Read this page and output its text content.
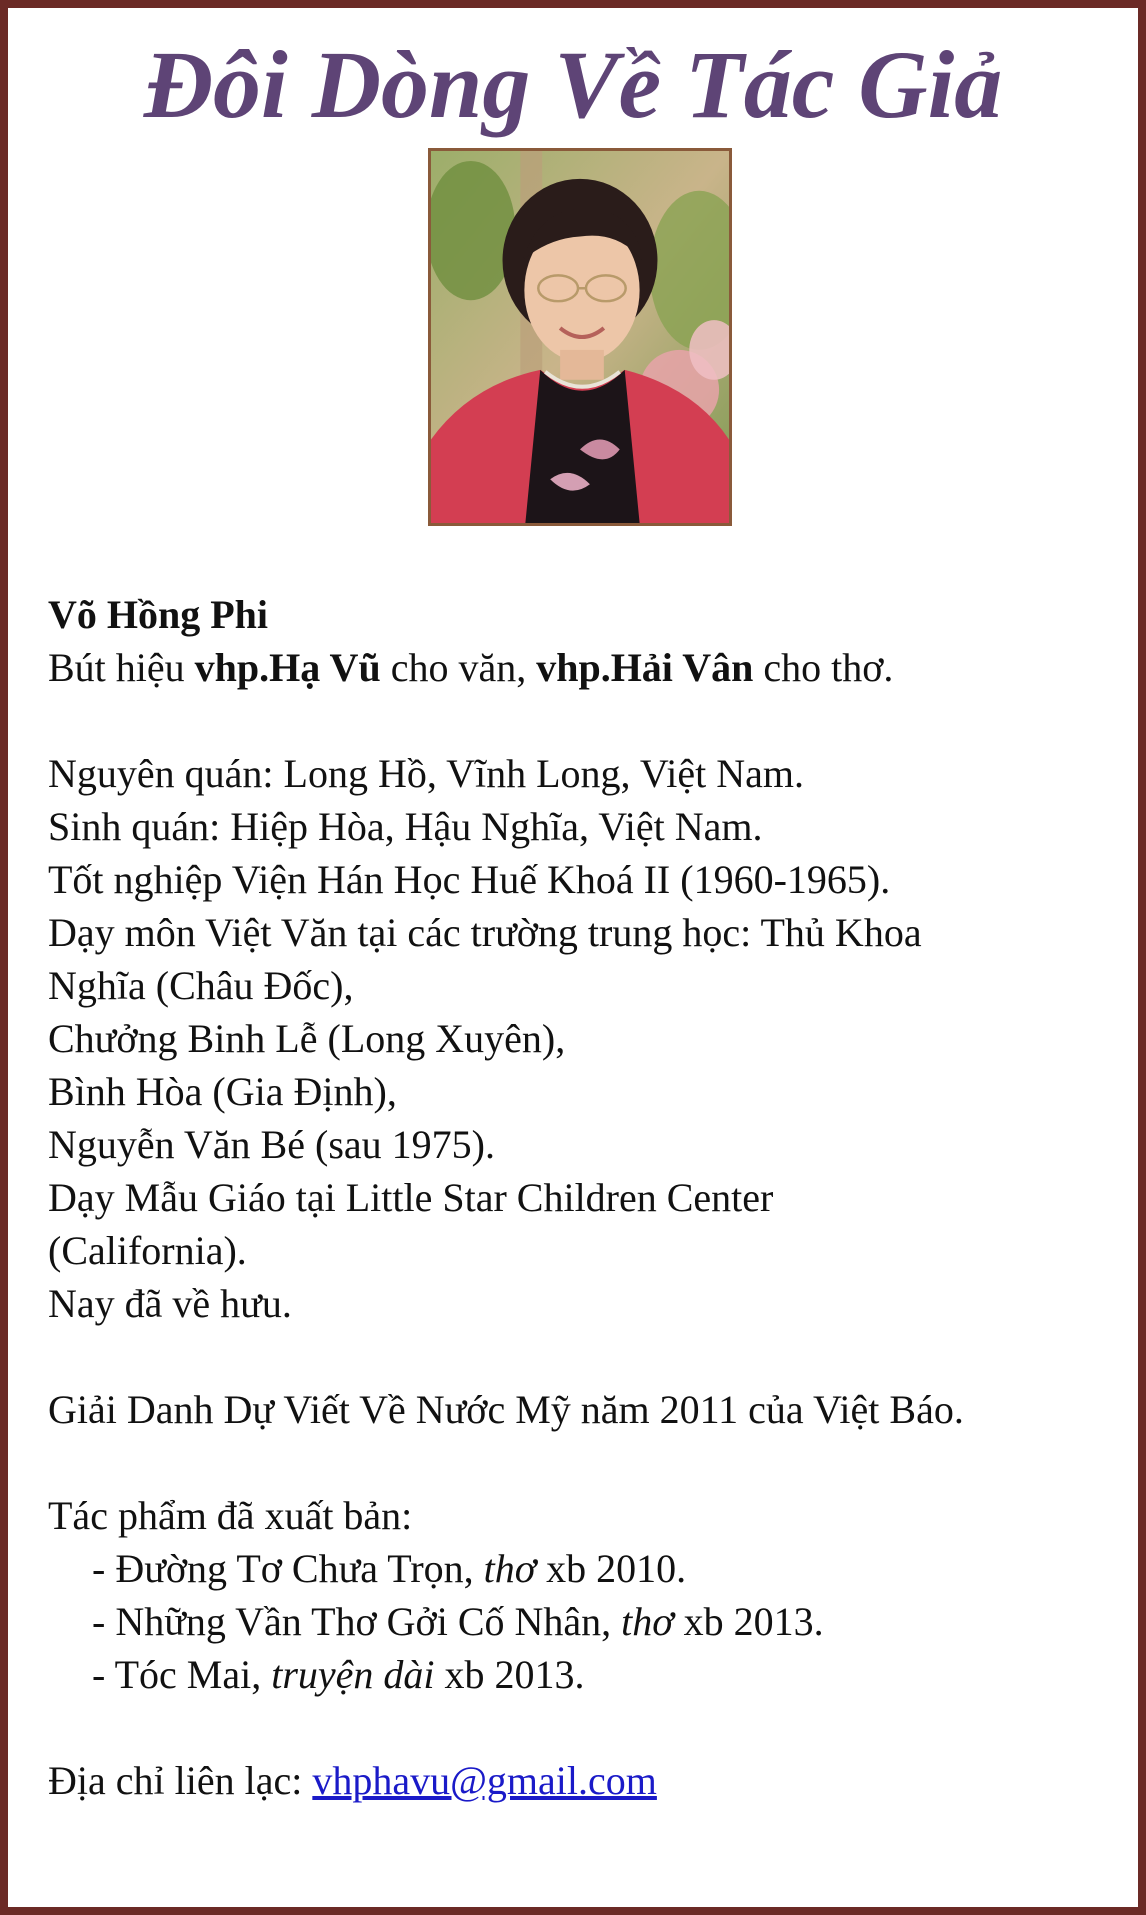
Đôi Dòng Về Tác Giả
Võ Hồng Phi
Bút hiệu vhp.Hạ Vũ cho văn, vhp.Hải Vân cho thơ.
Nguyên quán: Long Hồ, Vĩnh Long, Việt Nam.
Sinh quán: Hiệp Hòa, Hậu Nghĩa, Việt Nam.
Tốt nghiệp Viện Hán Học Huế Khoá II (1960-1965).
Dạy môn Việt Văn tại các trường trung học: Thủ Khoa
Nghĩa (Châu Đốc),
Chưởng Binh Lễ (Long Xuyên),
Bình Hòa (Gia Định),
Nguyễn Văn Bé (sau 1975).
Dạy Mẫu Giáo tại Little Star Children Center
(California).
Nay đã về hưu.
Giải Danh Dự Viết Về Nước Mỹ năm 2011 của Việt Báo.
Tác phẩm đã xuất bản:
- Đường Tơ Chưa Trọn, thơ xb 2010.
- Những Vần Thơ Gởi Cố Nhân, thơ xb 2013.
- Tóc Mai, truyện dài xb 2013.
Địa chỉ liên lạc: vhphavu@gmail.com
